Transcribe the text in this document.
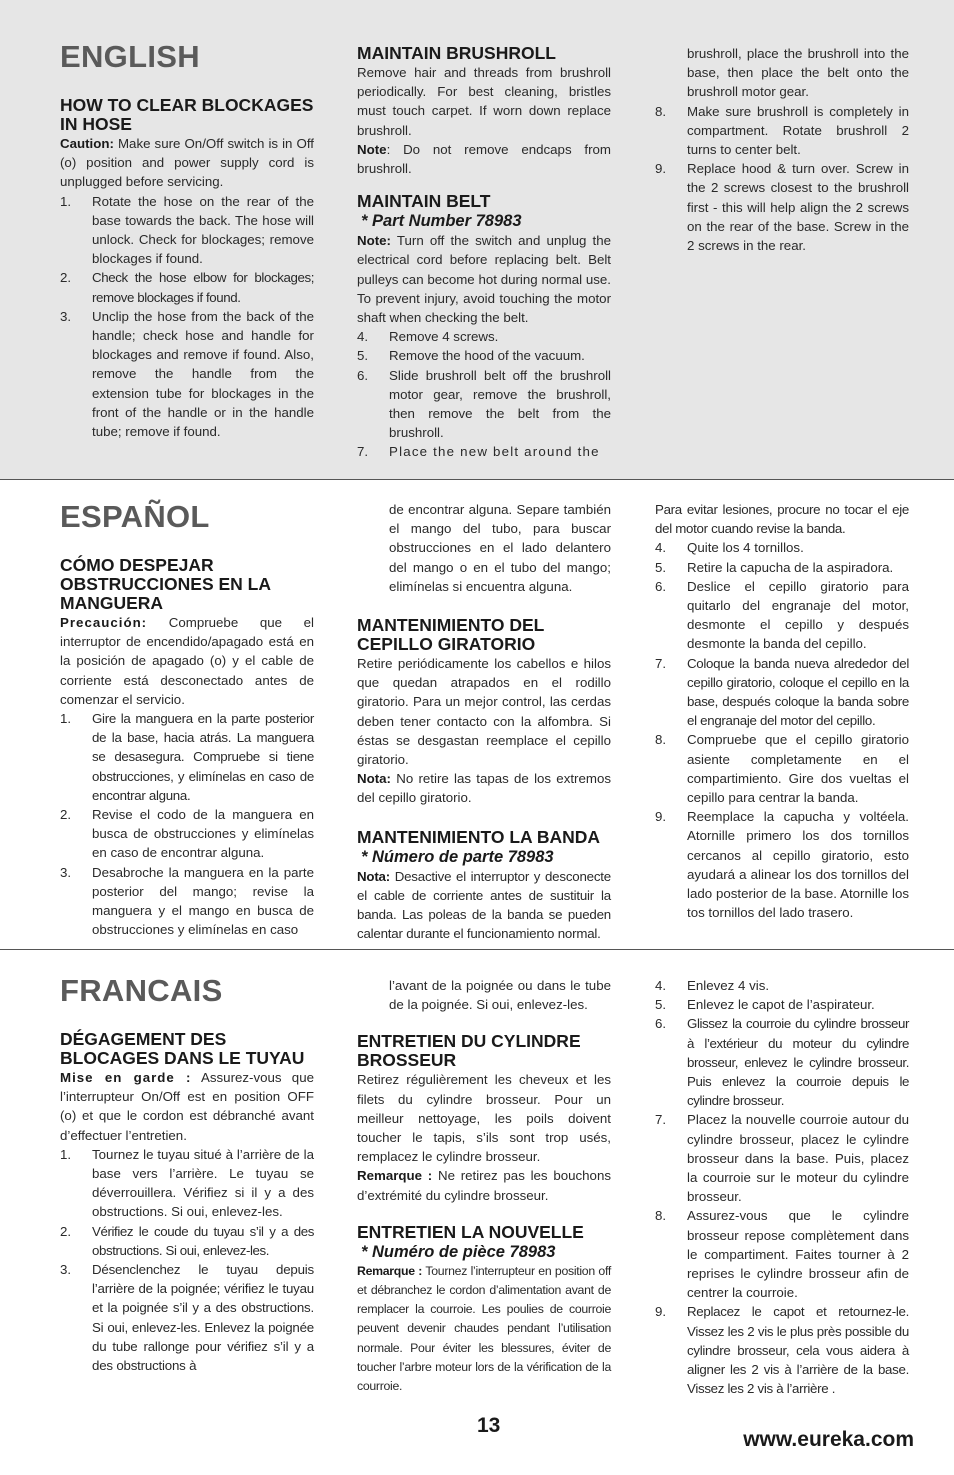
ENGLISH
HOW TO CLEAR BLOCKAGES IN HOSE

Caution: Make sure On/Off switch is in Off (o) position and power supply cord is unplugged before servicing.

1.	Rotate the hose on the rear of the base towards the back. The hose will unlock. Check for blockages; remove blockages if found.
2.	Check the hose elbow for blockages; remove blockages if found.
3.	Unclip the hose from the back of the handle; check hose and handle for blockages and remove if found. Also, remove the handle from the extension tube for blockages in the front of the handle or in the handle tube; remove if found.
MAINTAIN BRUSHROLL

Remove hair and threads from brushroll periodically. For best cleaning, bristles must touch carpet. If worn down replace brushroll.

Note: Do not remove endcaps from brushroll.

MAINTAIN BELT
* Part Number 78983

Note: Turn off the switch and unplug the electrical cord before replacing belt. Belt pulleys can become hot during normal use. To prevent injury, avoid touching the motor shaft when checking the belt.

4.	Remove 4 screws.
5.	Remove the hood of the vacuum.
6.	Slide brushroll belt off the brushroll motor gear, remove the brushroll, then remove the belt from the brushroll.
7.	Place the new belt around the
brushroll, place the brushroll into the base, then place the belt onto the brushroll motor gear.
8.	Make sure brushroll is completely in compartment. Rotate brushroll 2 turns to center belt.
9.	Replace hood & turn over. Screw in the 2 screws closest to the brushroll first - this will help align the 2 screws on the rear of the base. Screw in the 2 screws in the rear.
ESPAÑOL
CÓMO DESPEJAR OBSTRUCCIONES EN LA MANGUERA

Precaución: Compruebe que el interruptor de encendido/apagado está en la posición de apagado (o) y el cable de corriente está desconectado antes de comenzar el servicio.

1.	Gire la manguera en la parte posterior de la base, hacia atrás. La manguera se desasegura. Compruebe si tiene obstrucciones, y elimínelas en caso de encontrar alguna.
2.	Revise el codo de la manguera en busca de obstrucciones y elimínelas en caso de encontrar alguna.
3.	Desabroche la manguera en la parte posterior del mango; revise la manguera y el mango en busca de obstrucciones y elimínelas en caso
de encontrar alguna. Separe también el mango del tubo, para buscar obstrucciones en el lado delantero del mango o en el tubo del mango; elimínelas si encuentra alguna.
MANTENIMIENTO DEL CEPILLO GIRATORIO

Retire periódicamente los cabellos e hilos que quedan atrapados en el rodillo giratorio. Para un mejor control, las cerdas deben tener contacto con la alfombra. Si éstas se desgastan reemplace el cepillo giratorio.

Nota: No retire las tapas de los extremos del cepillo giratorio.

MANTENIMIENTO LA BANDA
* Número de parte 78983

Nota: Desactive el interruptor y desconecte el cable de corriente antes de sustituir la banda. Las poleas de la banda se pueden calentar durante el funcionamiento normal.

Para evitar lesiones, procure no tocar el eje del motor cuando revise la banda.

4.	Quite los 4 tornillos.
5.	Retire la capucha de la aspiradora.
6.	Deslice el cepillo giratorio para quitarlo del engranaje del motor, desmonte el cepillo y después desmonte la banda del cepillo.
7.	Coloque la banda nueva alrededor del cepillo giratorio, coloque el cepillo en la base, después coloque la banda sobre el engranaje del motor del cepillo.
8.	Compruebe que el cepillo giratorio asiente completamente en el compartimiento. Gire dos vueltas el cepillo para centrar la banda.
9.	Reemplace la capucha y voltéela. Atornille primero los dos tornillos cercanos al cepillo giratorio, esto ayudará a alinear los dos tornillos del lado posterior de la base. Atornille los tos tornillos del lado trasero.
FRANCAIS
DÉGAGEMENT DES BLOCAGES DANS LE TUYAU

Mise en garde : Assurez-vous que l’interrupteur On/Off est en position OFF (o) et que le cordon est débranché avant d’effectuer l’entretien.

1.	Tournez le tuyau situé à l’arrière de la base vers l’arrière. Le tuyau se déverrouillera. Vérifiez si il y a des obstructions. Si oui, enlevez-les.
2.	Vérifiez le coude du tuyau s’il y a des obstructions. Si oui, enlevez-les.
3.	Désenclenchez le tuyau depuis l’arrière de la poignée; vérifiez le tuyau et la poignée s’il y a des obstructions. Si oui, enlevez-les. Enlevez la poignée du tube rallonge pour vérifiez s’il y a des obstructions à
l’avant de la poignée ou dans le tube de la poignée. Si oui, enlevez-les.
ENTRETIEN DU CYLINDRE BROSSEUR

Retirez régulièrement les cheveux et les filets du cylindre brosseur. Pour un meilleur nettoyage, les poils doivent toucher le tapis, s’ils sont trop usés, remplacez le cylindre brosseur.

Remarque : Ne retirez pas les bouchons d’extrémité du cylindre brosseur.

ENTRETIEN LA NOUVELLE
* Numéro de pièce 78983

Remarque : Tournez l’interrupteur en position off et débranchez le cordon d’alimentation avant de remplacer la courroie. Les poulies de courroie peuvent devenir chaudes pendant l’utilisation normale. Pour éviter les blessures, éviter de toucher l’arbre moteur lors de la vérification de la courroie.

4.	Enlevez 4 vis.
5.	Enlevez le capot de l’aspirateur.
6.	Glissez la courroie du cylindre brosseur à l’extérieur du moteur du cylindre brosseur, enlevez le cylindre brosseur. Puis enlevez la courroie depuis le cylindre brosseur.
7.	Placez la nouvelle courroie autour du cylindre brosseur, placez le cylindre brosseur dans la base. Puis, placez la courroie sur le moteur du cylindre brosseur.
8.	Assurez-vous que le cylindre brosseur repose complètement dans le compartiment. Faites tourner à 2 reprises le cylindre brosseur afin de centrer la courroie.
9.	Replacez le capot et retournez-le. Vissez les 2 vis le plus près possible du cylindre brosseur, cela vous aidera à aligner les 2 vis à l’arrière de la base. Vissez les 2 vis à l’arrière .
13
www.eureka.com
